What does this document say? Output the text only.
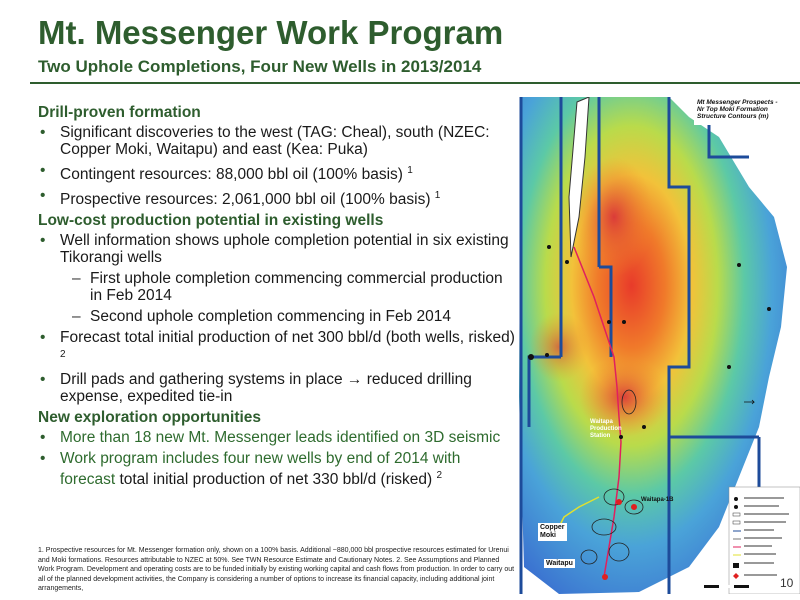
Mt. Messenger Work Program
Two Uphole Completions, Four New Wells in 2013/2014
Drill-proven formation
• Significant discoveries to the west (TAG: Cheal), south (NZEC: Copper Moki, Waitapu) and east (Kea: Puka)
• Contingent resources: 88,000 bbl oil (100% basis) $^1$
• Prospective resources: 2,061,000 bbl oil (100% basis) $^1$
Low-cost production potential in existing wells
• Well information shows uphole completion potential in six existing Tikorangi wells
– First uphole completion commencing commercial production in Feb 2014
– Second uphole completion commencing in Feb 2014
• Forecast total initial production of net 300 bbl/d (both wells, risked) $^2$
• Drill pads and gathering systems in place → reduced drilling expense, expedited tie-in
New exploration opportunities
• More than 18 new Mt. Messenger leads identified on 3D seismic
• Work program includes four new wells by end of 2014 with forecast total initial production of net 330 bbl/d (risked) $^2$
1. Prospective resources for Mt. Messenger formation only, shown on a 100% basis. Additional ~880,000 bbl prospective resources estimated for Urenui and Moki formations. Resources attributable to NZEC at 50%. See TWN Resource Estimate and Cautionary Notes. 2. See Assumptions and Planned Work Program. Development and operating costs are to be funded initially by existing working capital and cash flows from production. In order to carry out all of the planned development activities, the Company is considering a number of options to increase its financial capacity, including additional joint arrangements,
Mt Messenger Prospects -
Nr Top Moki Formation
Structure Contours (m)
Waitapa
Production
Station
Waitapa-1B
Copper
Moki
Waitapu
10
